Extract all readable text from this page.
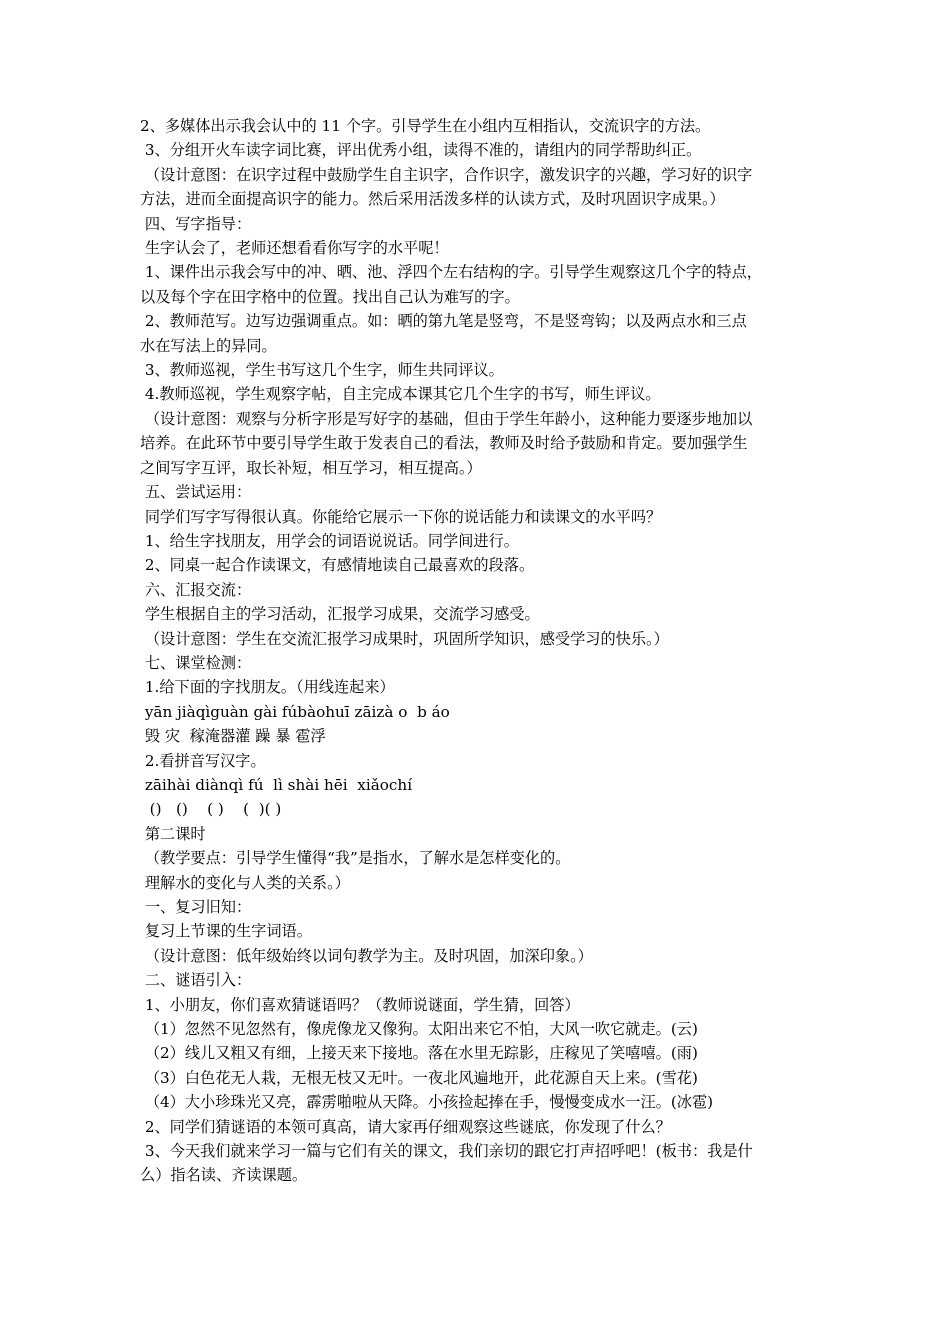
2、多媒体出示我会认中的 11 个字。引导学生在小组内互相指认，交流识字的方法。

3、分组开火车读字词比赛，评出优秀小组，读得不准的，请组内的同学帮助纠正。

（设计意图：在识字过程中鼓励学生自主识字，合作识字，激发识字的兴趣，学习好的识字

方法，进而全面提高识字的能力。然后采用活泼多样的认读方式，及时巩固识字成果。）

四、写字指导：

生字认会了，老师还想看看你写字的水平呢！

1、课件出示我会写中的冲、晒、池、浮四个左右结构的字。引导学生观察这几个字的特点，

以及每个字在田字格中的位置。找出自己认为难写的字。

2、教师范写。边写边强调重点。如：晒的第九笔是竖弯，不是竖弯钩；以及两点水和三点

水在写法上的异同。

3、教师巡视，学生书写这几个生字，师生共同评议。

4.教师巡视，学生观察字帖，自主完成本课其它几个生字的书写，师生评议。

（设计意图：观察与分析字形是写好字的基础，但由于学生年龄小，这种能力要逐步地加以

培养。在此环节中要引导学生敢于发表自己的看法，教师及时给予鼓励和肯定。要加强学生

之间写字互评，取长补短，相互学习，相互提高。）

五、尝试运用：

同学们写字写得很认真。你能给它展示一下你的说话能力和读课文的水平吗？

1、给生字找朋友，用学会的词语说说话。同学间进行。

2、同桌一起合作读课文，有感情地读自己最喜欢的段落。

六、汇报交流：

学生根据自主的学习活动，汇报学习成果，交流学习感受。

（设计意图：学生在交流汇报学习成果时，巩固所学知识，感受学习的快乐。）

七、课堂检测：

1.给下面的字找朋友。（用线连起来）

yān jiàqìguàn gài fúbàohuī zāizà o  b áo

毁 灾  稼淹器灌 躁 暴 雹浮

2.看拼音写汉字。

zāihài diànqì fú  lì shài hēi  xiǎochí

()   ()    ( )    (  )( )

第二课时

（教学要点：引导学生懂得“我”是指水，了解水是怎样变化的。

理解水的变化与人类的关系。）

一、复习旧知：

复习上节课的生字词语。

（设计意图：低年级始终以词句教学为主。及时巩固，加深印象。）

二、谜语引入：

1、小朋友，你们喜欢猜谜语吗？（教师说谜面，学生猜，回答）

（1）忽然不见忽然有，像虎像龙又像狗。太阳出来它不怕，大风一吹它就走。(云)

（2）线儿又粗又有细，上接天来下接地。落在水里无踪影，庄稼见了笑嘻嘻。(雨)

（3）白色花无人栽，无根无枝又无叶。一夜北风遍地开，此花源自天上来。(雪花)

（4）大小珍珠光又亮，霹雳啪啦从天降。小孩捡起捧在手，慢慢变成水一汪。(冰雹)

2、同学们猜谜语的本领可真高，请大家再仔细观察这些谜底，你发现了什么？

3、今天我们就来学习一篇与它们有关的课文，我们亲切的跟它打声招呼吧！(板书：我是什

么）指名读、齐读课题。
